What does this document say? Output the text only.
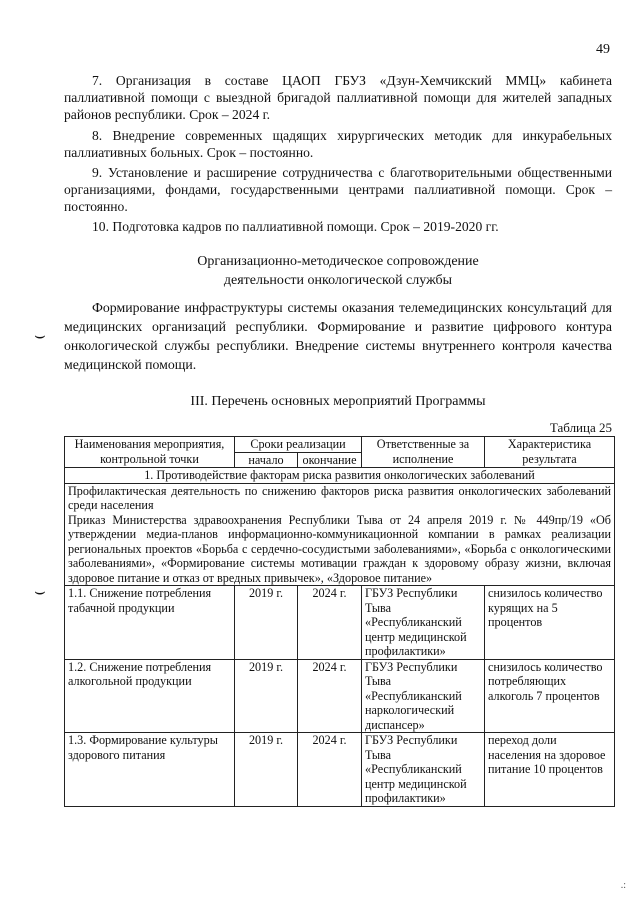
49
7. Организация в составе ЦАОП ГБУЗ «Дзун-Хемчикский ММЦ» кабинета паллиативной помощи с выездной бригадой паллиативной помощи для жителей западных районов республики. Срок – 2024 г.
8. Внедрение современных щадящих хирургических методик для инкурабельных паллиативных больных. Срок – постоянно.
9. Установление и расширение сотрудничества с благотворительными общественными организациями, фондами, государственными центрами паллиативной помощи. Срок – постоянно.
10. Подготовка кадров по паллиативной помощи. Срок – 2019-2020 гг.
Организационно-методическое сопровождение
деятельности онкологической службы
⌣
Формирование инфраструктуры системы оказания телемедицинских консультаций для медицинских организаций республики. Формирование и развитие цифрового контура онкологической службы республики. Внедрение системы внутреннего контроля качества медицинской помощи.
III. Перечень основных мероприятий Программы
Таблица 25
⌣
Наименования мероприятия, контрольной точки	Сроки реализации		Ответственные за исполнение	Характеристика результата
	начало	окончание		
1. Противодействие факторам риска развития онкологических заболеваний				

Профилактическая деятельность по снижению факторов риска развития онкологических заболеваний среди населения

Приказ Министерства здравоохранения Республики Тыва от 24 апреля 2019 г. № 449пр/19 «Об утверждении медиа-планов информационно-коммуникационной компании в рамках реализации региональных проектов «Борьба с сердечно-сосудистыми заболеваниями», «Борьба с онкологическими заболеваниями», «Формирование системы мотивации граждан к здоровому образу жизни, включая здоровое питание и отказ от вредных привычек», «Здоровое питание»				

1.1. Снижение потребления табачной продукции	2019 г.	2024 г.	ГБУЗ Республики Тыва «Республиканский центр медицинской профилактики»	снизилось количество курящих на 5 процентов
1.2. Снижение потребления алкогольной продукции	2019 г.	2024 г.	ГБУЗ Республики Тыва «Республиканский наркологический диспансер»	снизилось количество потребляющих алкоголь 7 процентов
1.3. Формирование культуры здорового питания	2019 г.	2024 г.	ГБУЗ Республики Тыва «Республиканский центр медицинской профилактики»	переход доли населения на здоровое питание 10 процентов
.:
